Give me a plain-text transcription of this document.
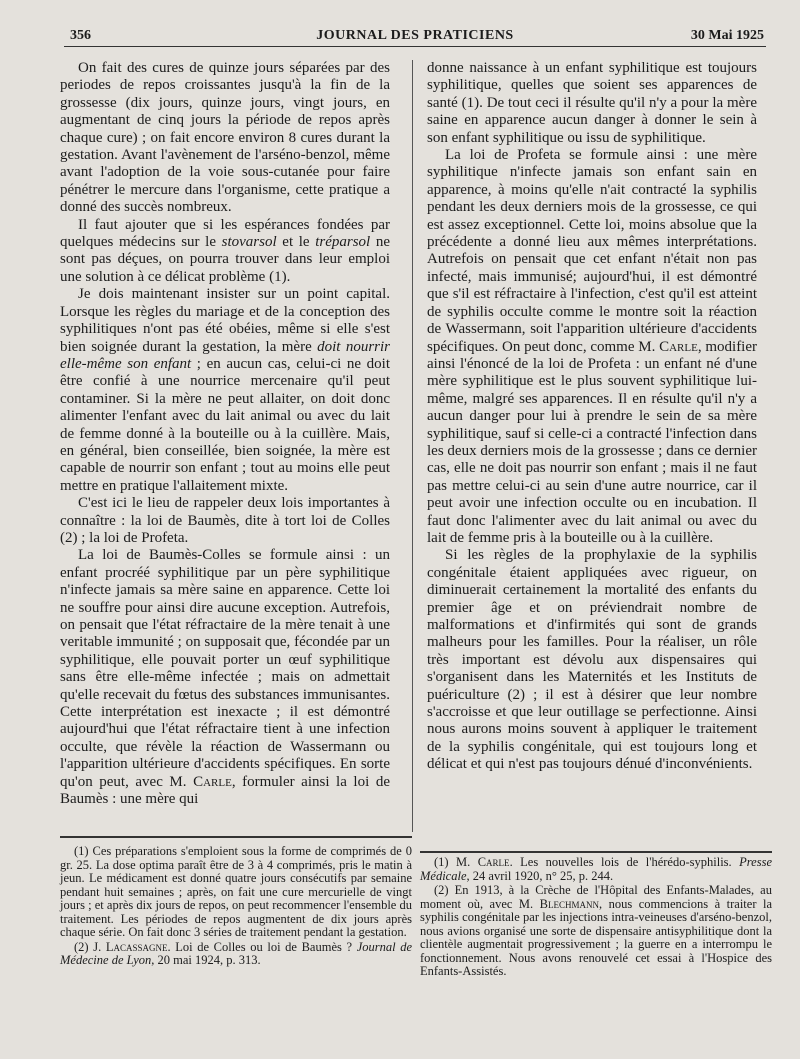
356	JOURNAL DES PRATICIENS	30 Mai 1925

On fait des cures de quinze jours séparées par des periodes de repos croissantes jusqu'à la fin de la grossesse (dix jours, quinze jours, vingt jours, en augmentant de cinq jours la période de repos après chaque cure) ; on fait encore environ 8 cures durant la gestation. Avant l'avènement de l'arséno-benzol, même avant l'adoption de la voie sous-cutanée pour faire pénétrer le mercure dans l'organisme, cette pratique a donné des succès nombreux.

Il faut ajouter que si les espérances fondées par quelques médecins sur le stovarsol et le tréparsol ne sont pas déçues, on pourra trouver dans leur emploi une solution à ce délicat problème (1).

Je dois maintenant insister sur un point capital. Lorsque les règles du mariage et de la conception des syphilitiques n'ont pas été obéies, même si elle s'est bien soignée durant la gestation, la mère doit nourrir elle-même son enfant ; en aucun cas, celui-ci ne doit être confié à une nourrice mercenaire qu'il peut contaminer. Si la mère ne peut allaiter, on doit donc alimenter l'enfant avec du lait animal ou avec du lait de femme donné à la bouteille ou à la cuillère. Mais, en général, bien conseillée, bien soignée, la mère est capable de nourrir son enfant ; tout au moins elle peut mettre en pratique l'allaitement mixte.

C'est ici le lieu de rappeler deux lois importantes à connaître : la loi de Baumès, dite à tort loi de Colles (2) ; la loi de Profeta.

La loi de Baumès-Colles se formule ainsi : un enfant procréé syphilitique par un père syphilitique n'infecte jamais sa mère saine en apparence. Cette loi ne souffre pour ainsi dire aucune exception. Autrefois, on pensait que l'état réfractaire de la mère tenait à une veritable immunité ; on supposait que, fécondée par un syphilitique, elle pouvait porter un œuf syphilitique sans être elle-même infectée ; mais on admettait qu'elle recevait du fœtus des substances immunisantes. Cette interprétation est inexacte ; il est démontré aujourd'hui que l'état réfractaire tient à une infection occulte, que révèle la réaction de Wassermann ou l'apparition ultérieure d'accidents spécifiques. En sorte qu'on peut, avec M. Carle, formuler ainsi la loi de Baumès : une mère qui

donne naissance à un enfant syphilitique est toujours syphilitique, quelles que soient ses apparences de santé (1). De tout ceci il résulte qu'il n'y a pour la mère saine en apparence aucun danger à donner le sein à son enfant syphilitique ou issu de syphilitique.

La loi de Profeta se formule ainsi : une mère syphilitique n'infecte jamais son enfant sain en apparence, à moins qu'elle n'ait contracté la syphilis pendant les deux derniers mois de la grossesse, ce qui est assez exceptionnel. Cette loi, moins absolue que la précédente a donné lieu aux mêmes interprétations. Autrefois on pensait que cet enfant n'était non pas infecté, mais immunisé; aujourd'hui, il est démontré que s'il est réfractaire à l'infection, c'est qu'il est atteint de syphilis occulte comme le montre soit la réaction de Wassermann, soit l'apparition ultérieure d'accidents spécifiques. On peut donc, comme M. Carle, modifier ainsi l'énoncé de la loi de Profeta : un enfant né d'une mère syphilitique est le plus souvent syphilitique lui-même, malgré ses apparences. Il en résulte qu'il n'y a aucun danger pour lui à prendre le sein de sa mère syphilitique, sauf si celle-ci a contracté l'infection dans les deux derniers mois de la grossesse ; dans ce dernier cas, elle ne doit pas nourrir son enfant ; mais il ne faut pas mettre celui-ci au sein d'une autre nourrice, car il peut avoir une infection occulte ou en incubation. Il faut donc l'alimenter avec du lait animal ou avec du lait de femme pris à la bouteille ou à la cuillère.

Si les règles de la prophylaxie de la syphilis congénitale étaient appliquées avec rigueur, on diminuerait certainement la mortalité des enfants du premier âge et on préviendrait nombre de malformations et d'infirmités qui sont de grands malheurs pour les familles. Pour la réaliser, un rôle très important est dévolu aux dispensaires qui s'organisent dans les Maternités et les Instituts de puériculture (2) ; il est à désirer que leur nombre s'accroisse et que leur outillage se perfectionne. Ainsi nous aurons moins souvent à appliquer le traitement de la syphilis congénitale, qui est toujours long et délicat et qui n'est pas toujours dénué d'inconvénients.

(1) Ces préparations s'emploient sous la forme de comprimés de 0 gr. 25. La dose optima paraît être de 3 à 4 comprimés, pris le matin à jeun. Le médicament est donné quatre jours consécutifs par semaine pendant huit semaines ; après, on fait une cure mercurielle de vingt jours ; et après dix jours de repos, on peut recommencer l'ensemble du traitement. Les périodes de repos augmentent de dix jours après chaque série. On fait donc 3 séries de traitement pendant la gestation.

(2) J. Lacassagne. Loi de Colles ou loi de Baumès ? Journal de Médecine de Lyon, 20 mai 1924, p. 313.

(1) M. Carle. Les nouvelles lois de l'hérédo-syphilis. Presse Médicale, 24 avril 1920, n° 25, p. 244.

(2) En 1913, à la Crèche de l'Hôpital des Enfants-Malades, au moment où, avec M. Blechmann, nous commencions à traiter la syphilis congénitale par les injections intra-veineuses d'arséno-benzol, nous avions organisé une sorte de dispensaire antisyphilitique dont la clientèle augmentait progressivement ; la guerre en a interrompu le fonctionnement. Nous avons renouvelé cet essai à l'Hospice des Enfants-Assistés.
